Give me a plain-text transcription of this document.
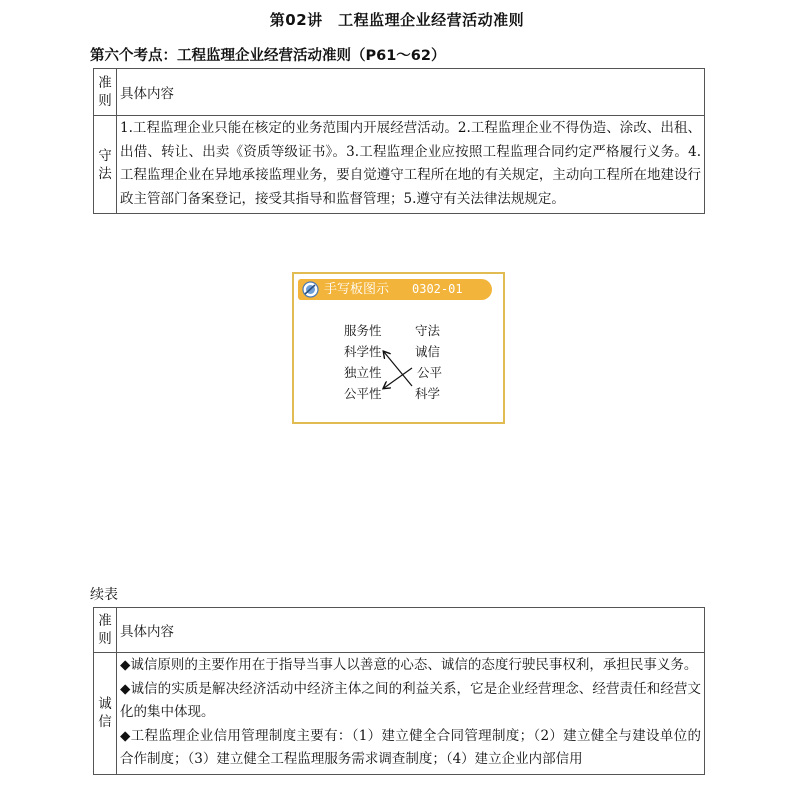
第02讲　工程监理企业经营活动准则
第六个考点：工程监理企业经营活动准则（P61～62）
准则	具体内容
守法	1.工程监理企业只能在核定的业务范围内开展经营活动。2.工程监理企业不得伪造、涂改、出租、出借、转让、出卖《资质等级证书》。3.工程监理企业应按照工程监理合同约定严格履行义务。4.工程监理企业在异地承接监理业务，要自觉遵守工程所在地的有关规定，主动向工程所在地建设行政主管部门备案登记，接受其指导和监督管理；5.遵守有关法律法规规定。
手写板图示 0302-01
服务性
科学性
独立性
公平性
守法
诚信
公平
科学
续表
准则	具体内容
诚信	◆诚信原则的主要作用在于指导当事人以善意的心态、诚信的态度行驶民事权利，承担民事义务。
◆诚信的实质是解决经济活动中经济主体之间的利益关系，它是企业经营理念、经营责任和经营文化的集中体现。
◆工程监理企业信用管理制度主要有：（1）建立健全合同管理制度；（2）建立健全与建设单位的合作制度；（3）建立健全工程监理服务需求调查制度；（4）建立企业内部信用
